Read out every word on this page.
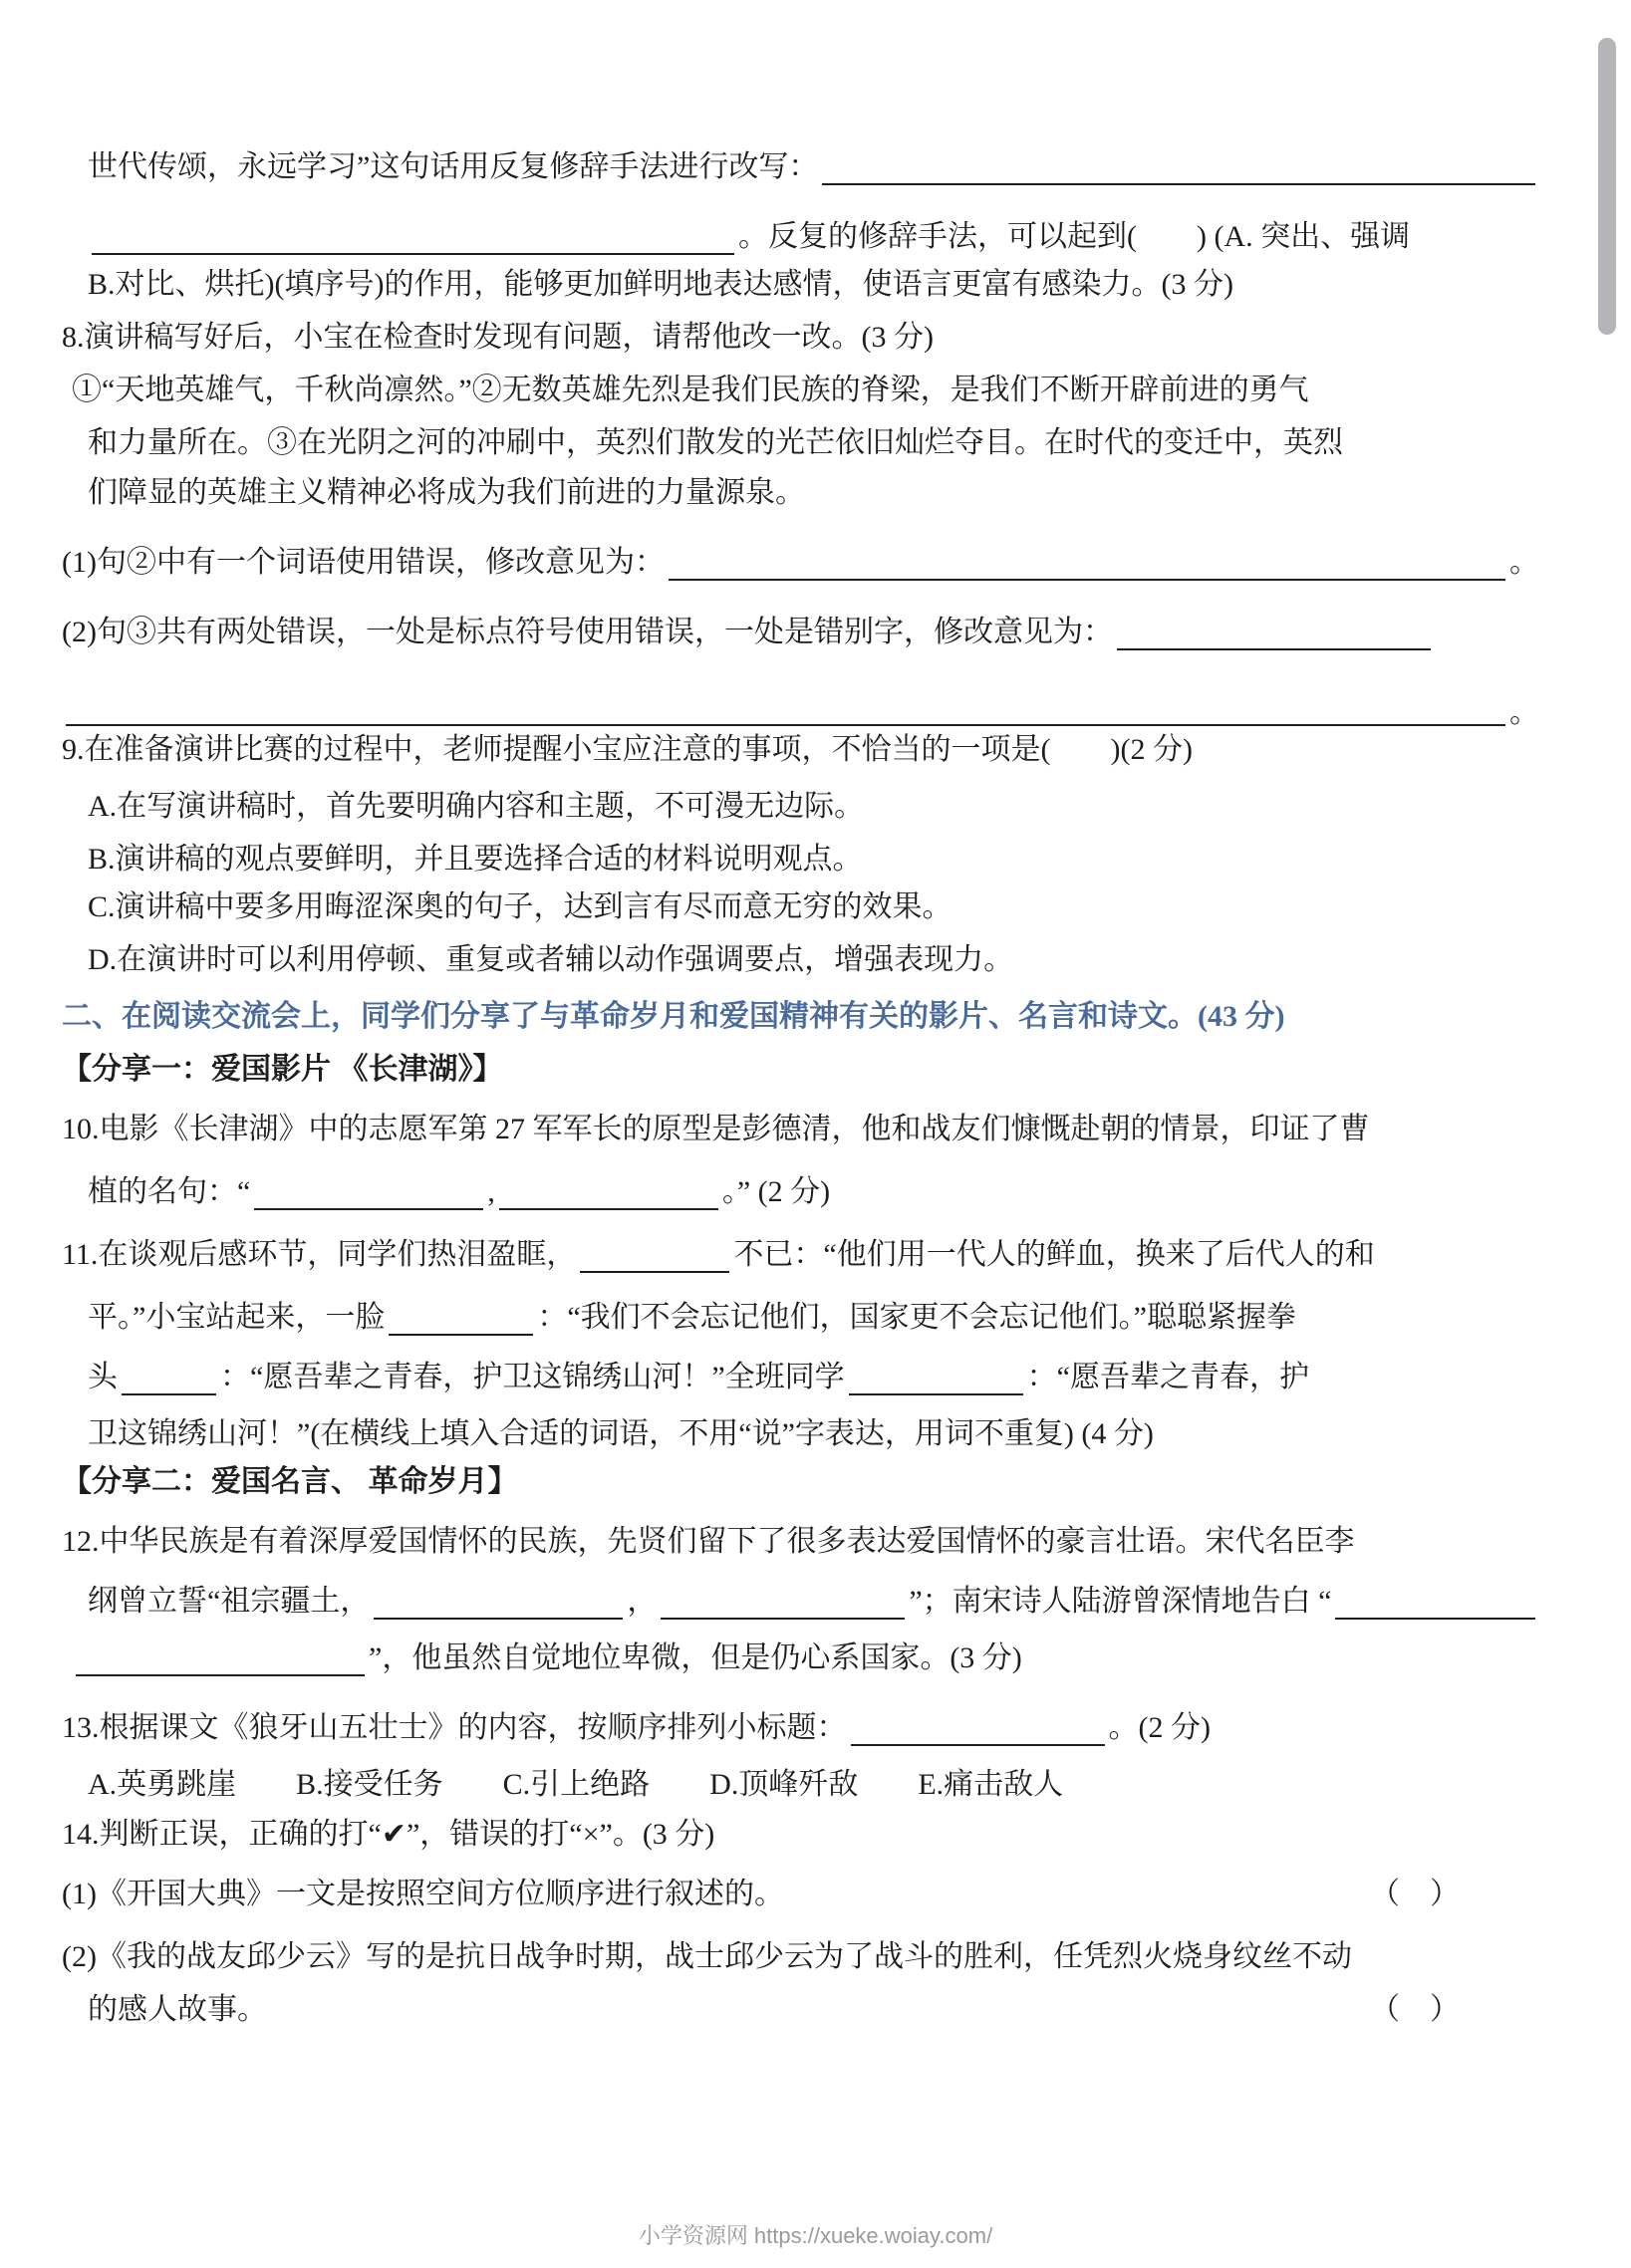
世代传颂，永远学习”这句话用反复修辞手法进行改写：
。反复的修辞手法，可以起到(　　) (A. 突出、强调
B.对比、烘托)(填序号)的作用，能够更加鲜明地表达感情，使语言更富有感染力。(3 分)
8.演讲稿写好后，小宝在检查时发现有问题，请帮他改一改。(3 分)
①“天地英雄气，千秋尚凛然。”②无数英雄先烈是我们民族的脊梁，是我们不断开辟前进的勇气
和力量所在。③在光阴之河的冲刷中，英烈们散发的光芒依旧灿烂夺目。在时代的变迁中，英烈
们障显的英雄主义精神必将成为我们前进的力量源泉。
(1)句②中有一个词语使用错误，修改意见为：	。
(2)句③共有两处错误，一处是标点符号使用错误，一处是错别字，修改意见为：
。
9.在准备演讲比赛的过程中，老师提醒小宝应注意的事项，不恰当的一项是(　　)(2 分)
A.在写演讲稿时，首先要明确内容和主题，不可漫无边际。
B.演讲稿的观点要鲜明，并且要选择合适的材料说明观点。
C.演讲稿中要多用晦涩深奥的句子，达到言有尽而意无穷的效果。
D.在演讲时可以利用停顿、重复或者辅以动作强调要点，增强表现力。
二、在阅读交流会上，同学们分享了与革命岁月和爱国精神有关的影片、名言和诗文。(43 分)
【分享一：爱国影片 《长津湖》】
10.电影《长津湖》中的志愿军第 27 军军长的原型是彭德清，他和战友们慷慨赴朝的情景，印证了曹
植的名句：“	,	。” (2 分)
11.在谈观后感环节，同学们热泪盈眶，	不已：“他们用一代人的鲜血，换来了后代人的和
平。”小宝站起来，一脸	：“我们不会忘记他们，国家更不会忘记他们。”聪聪紧握拳
头	：“愿吾辈之青春，护卫这锦绣山河！”全班同学	：“愿吾辈之青春，护
卫这锦绣山河！”(在横线上填入合适的词语，不用“说”字表达，用词不重复) (4 分)
【分享二：爱国名言、 革命岁月】
12.中华民族是有着深厚爱国情怀的民族，先贤们留下了很多表达爱国情怀的豪言壮语。宋代名臣李
纲曾立誓“祖宗疆土，	，	”；南宋诗人陆游曾深情地告白 “
”，他虽然自觉地位卑微，但是仍心系国家。(3 分)
13.根据课文《狼牙山五壮士》的内容，按顺序排列小标题：	。(2 分)
A.英勇跳崖　　B.接受任务　　C.引上绝路　　D.顶峰歼敌　　E.痛击敌人
14.判断正误，正确的打“✔”，错误的打“×”。(3 分)
(1)《开国大典》一文是按照空间方位顺序进行叙述的。	（　）
(2)《我的战友邱少云》写的是抗日战争时期，战士邱少云为了战斗的胜利，任凭烈火烧身纹丝不动
的感人故事。	（　）
小学资源网 https://xueke.woiay.com/
